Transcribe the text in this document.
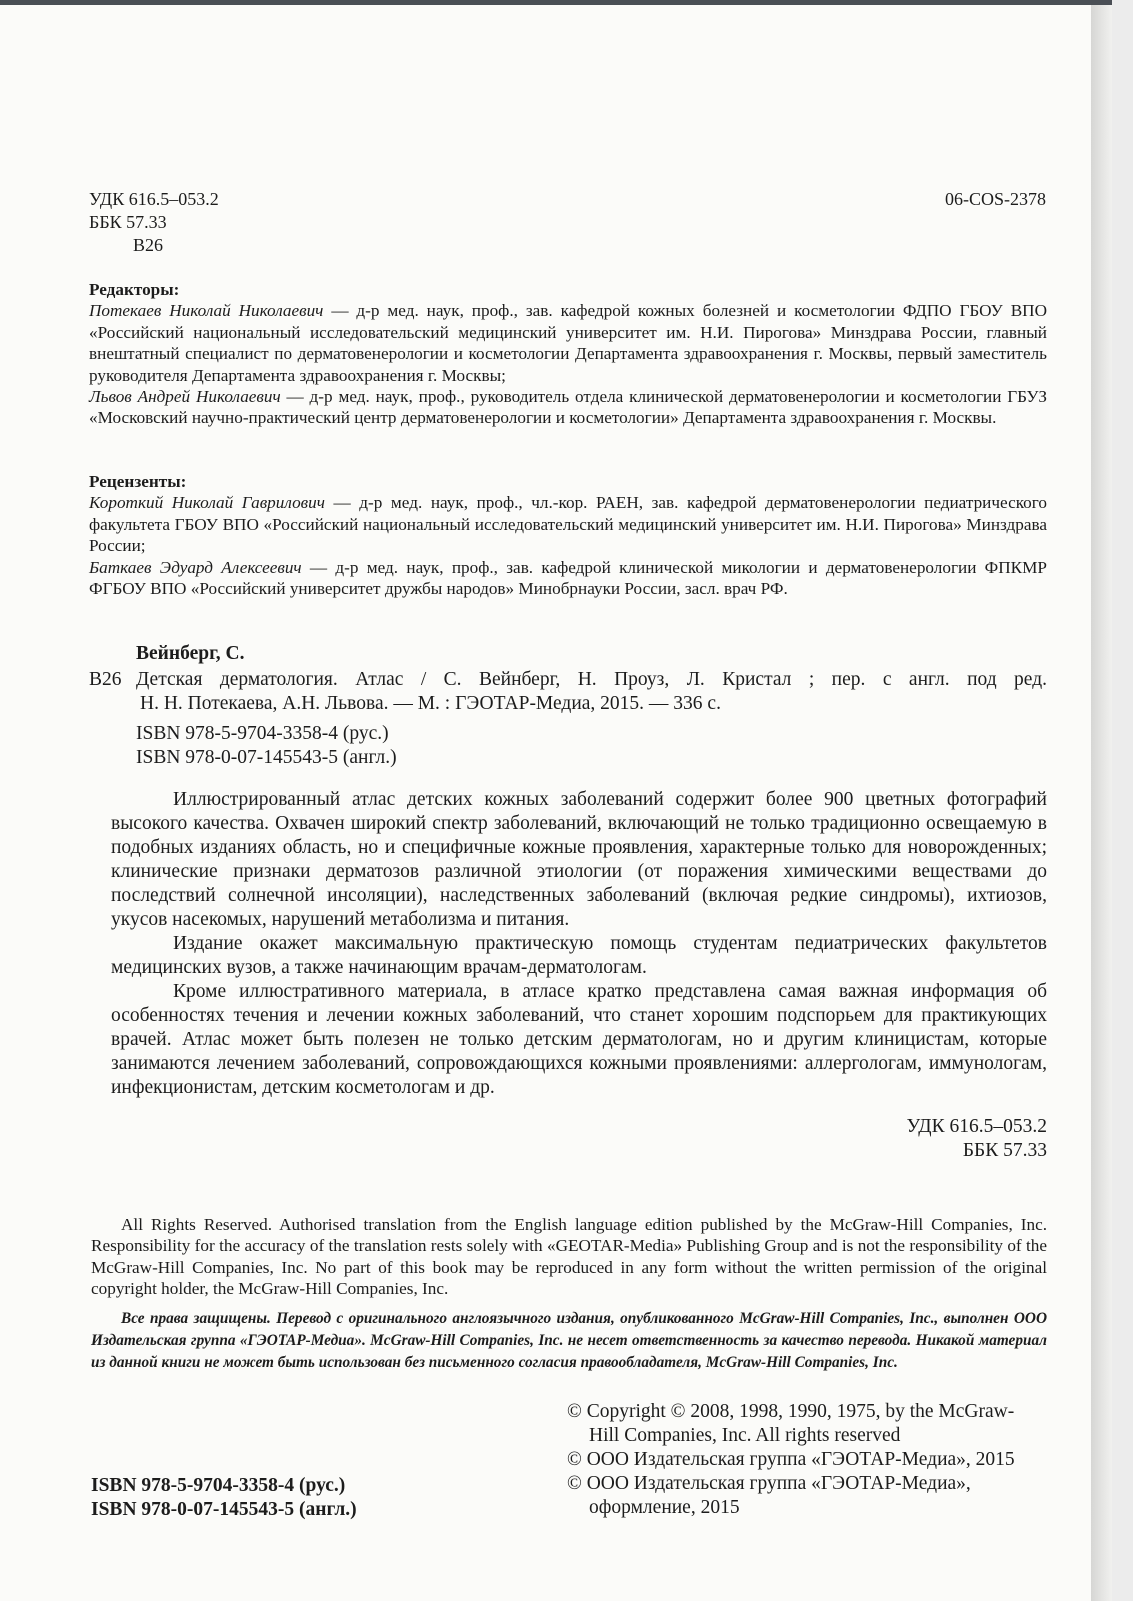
УДК 616.5–053.2
ББК 57.33
В26
06-COS-2378
Редакторы:

Потекаев Николай Николаевич — д-р мед. наук, проф., зав. кафедрой кожных болезней и косметологии ФДПО ГБОУ ВПО «Российский национальный исследовательский медицинский университет им. Н.И. Пирогова» Минздрава России, главный внештатный специалист по дерматовенерологии и косметологии Департамента здравоохранения г. Москвы, первый заместитель руководителя Департамента здравоохранения г. Москвы;

Львов Андрей Николаевич — д-р мед. наук, проф., руководитель отдела клинической дерматовенерологии и косметологии ГБУЗ «Московский научно-практический центр дерматовенерологии и косметологии» Департамента здравоохранения г. Москвы.

Рецензенты:

Короткий Николай Гаврилович — д-р мед. наук, проф., чл.-кор. РАЕН, зав. кафедрой дерматовенерологии педиатрического факультета ГБОУ ВПО «Российский национальный исследовательский медицинский университет им. Н.И. Пирогова» Минздрава России;

Баткаев Эдуард Алексеевич — д-р мед. наук, проф., зав. кафедрой клинической микологии и дерматовенерологии ФПКМР ФГБОУ ВПО «Российский университет дружбы народов» Минобрнауки России, засл. врач РФ.

Вейнберг, С.
В26 Детская дерматология. Атлас / С. Вейнберг, Н. Проуз, Л. Кристал ; пер. с англ. под ред.
Н. Н. Потекаева, А.Н. Львова. — М. : ГЭОТАР-Медиа, 2015. — 336 с.
ISBN 978-5-9704-3358-4 (рус.)
ISBN 978-0-07-145543-5 (англ.)

Иллюстрированный атлас детских кожных заболеваний содержит более 900 цветных фотографий высокого качества. Охвачен широкий спектр заболеваний, включающий не только традиционно освещаемую в подобных изданиях область, но и специфичные кожные проявления, характерные только для новорожденных; клинические признаки дерматозов различной этиологии (от поражения химическими веществами до последствий солнечной инсоляции), наследственных заболеваний (включая редкие синдромы), ихтиозов, укусов насекомых, нарушений метаболизма и питания.

Издание окажет максимальную практическую помощь студентам педиатрических факультетов медицинских вузов, а также начинающим врачам-дерматологам.

Кроме иллюстративного материала, в атласе кратко представлена самая важная информация об особенностях течения и лечении кожных заболеваний, что станет хорошим подспорьем для практикующих врачей. Атлас может быть полезен не только детским дерматологам, но и другим клиницистам, которые занимаются лечением заболеваний, сопровождающихся кожными проявлениями: аллергологам, иммунологам, инфекционистам, детским косметологам и др.

УДК 616.5–053.2
ББК 57.33

All Rights Reserved. Authorised translation from the English language edition published by the McGraw-Hill Companies, Inc. Responsibility for the accuracy of the translation rests solely with «GEOTAR-Media» Publishing Group and is not the responsibility of the McGraw-Hill Companies, Inc. No part of this book may be reproduced in any form without the written permission of the original copyright holder, the McGraw-Hill Companies, Inc.

Все права защищены. Перевод с оригинального англоязычного издания, опубликованного McGraw-Hill Companies, Inc., выполнен ООО Издательская группа «ГЭОТАР-Медиа». McGraw-Hill Companies, Inc. не несет ответственность за качество перевода. Никакой материал из данной книги не может быть использован без письменного согласия правообладателя, McGraw-Hill Companies, Inc.

ISBN 978-5-9704-3358-4 (рус.)
ISBN 978-0-07-145543-5 (англ.)
© Copyright © 2008, 1998, 1990, 1975, by the McGraw-
Hill Companies, Inc. All rights reserved
© ООО Издательская группа «ГЭОТАР-Медиа», 2015
© ООО Издательская группа «ГЭОТАР-Медиа»,
оформление, 2015
